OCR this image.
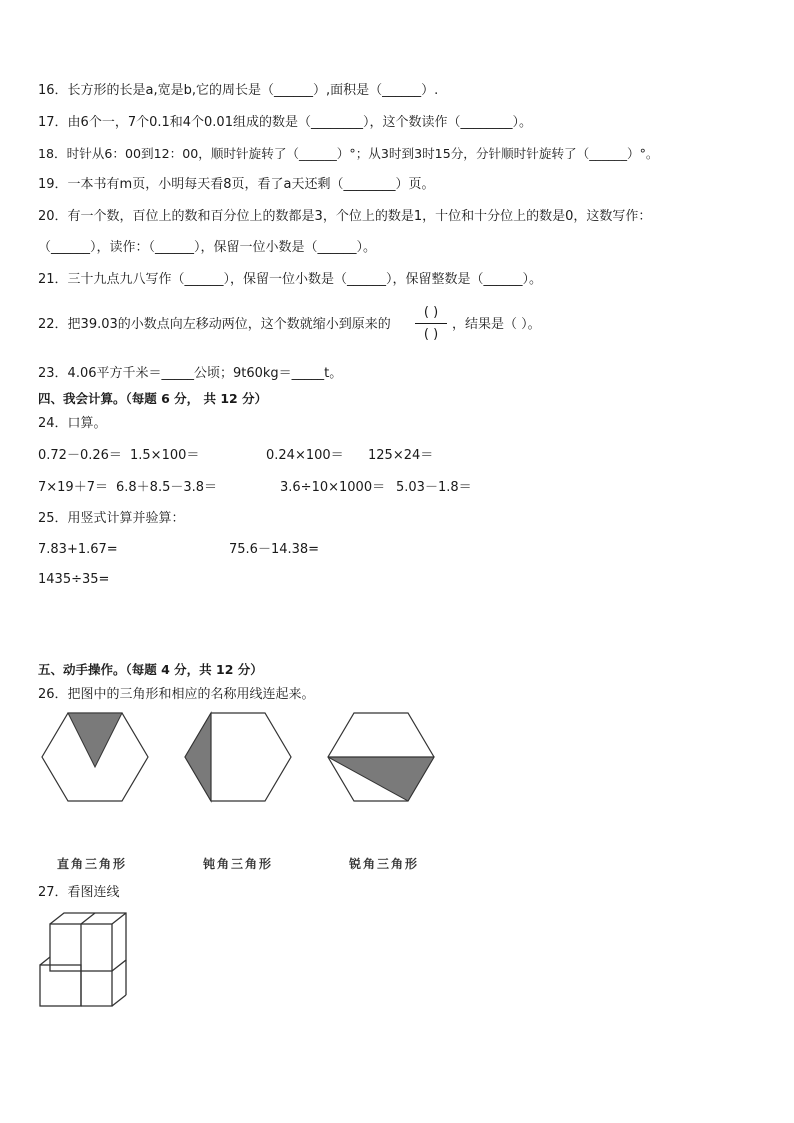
16．长方形的长是a,宽是b,它的周长是（______）,面积是（______）.
17．由6个一，7个0.1和4个0.01组成的数是（________），这个数读作（________）。
18．时针从6：00到12：00，顺时针旋转了（______）°；从3时到3时15分，分针顺时针旋转了（______）°。
19．一本书有m页，小明每天看8页，看了a天还剩（________）页。
20．有一个数，百位上的数和百分位上的数都是3，个位上的数是1，十位和十分位上的数是0，这数写作：
（______），读作：（______），保留一位小数是（______）。
21．三十九点九八写作（______），保留一位小数是（______），保留整数是（______）。
22．把39.03的小数点向左移动两位，这个数就缩小到原来的
( )
( )
，结果是（ ）。
23．4.06平方千米＝_____公顷；9t60kg＝_____t。
四、我会计算。（每题 6 分， 共 12 分）
24．口算。
0.72－0.26＝ 1.5×100＝	0.24×100＝ 125×24＝
7×19＋7＝ 6.8＋8.5－3.8＝	3.6÷10×1000＝ 5.03－1.8＝
25．用竖式计算并验算：
7.83+1.67=	75.6－14.38=
1435÷35=
五、动手操作。（每题 4 分，共 12 分）
26．把图中的三角形和相应的名称用线连起来。
直角三角形	钝角三角形	锐角三角形
27．看图连线
